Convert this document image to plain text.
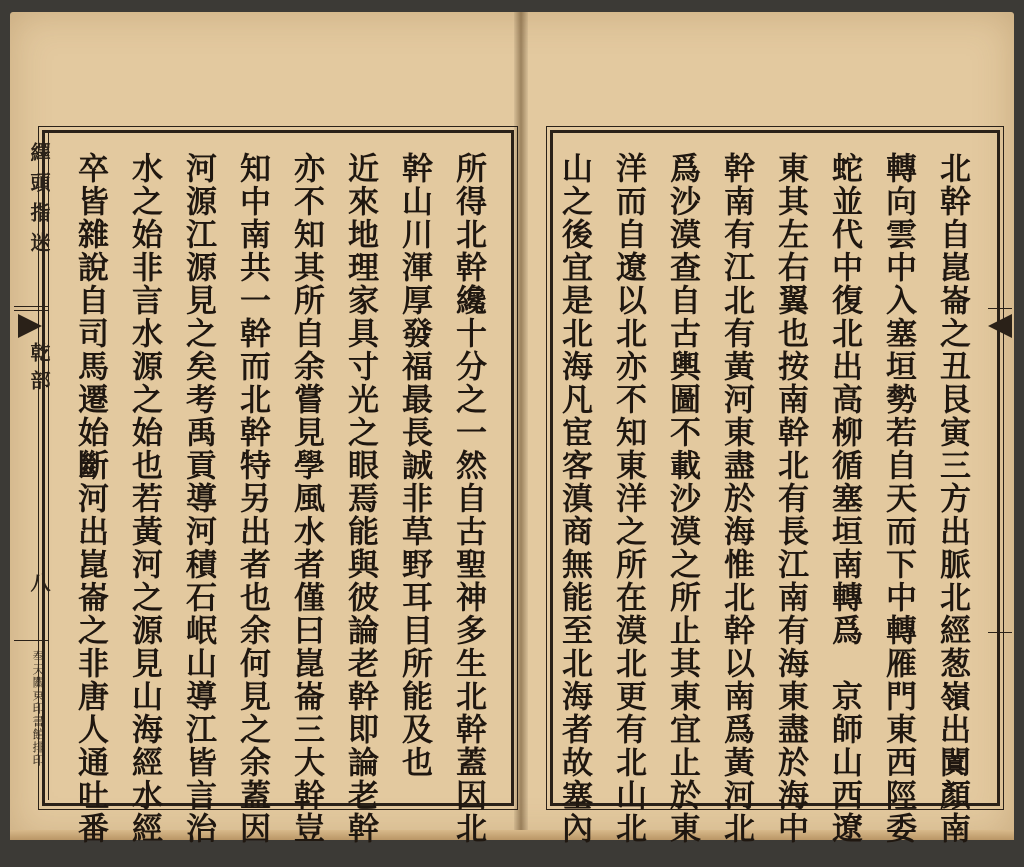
繹頭指迷
乾部
八
奉天關東印書館排印	所得北幹纔十分之一然自古聖神多生北幹蓋因北
幹山川渾厚發福最長誠非草野耳目所能及也
近來地理家具寸光之眼焉能與彼論老幹即論老幹
亦不知其所自余嘗見學風水者僅曰崑崙三大幹豈
知中南共一幹而北幹特另出者也余何見之余蓋因
河源江源見之矣考禹貢導河積石岷山導江皆言治
水之始非言水源之始也若黃河之源見山海經水經
卒皆雜說自司馬遷始斷河出崑崙之非唐人通吐番	北幹自崑崙之丑艮寅三方出脈北經葱嶺出闐顏南
轉向雲中入塞垣勢若自天而下中轉雁門東西陘委
蛇並代中復北出高柳循塞垣南轉爲　京師山西遼
東其左右翼也按南幹北有長江南有海東盡於海中
幹南有江北有黃河東盡於海惟北幹以南爲黃河北
爲沙漠查自古輿圖不載沙漠之所止其東宜止於東
洋而自遼以北亦不知東洋之所在漠北更有北山北
山之後宜是北海凡宦客滇商無能至北海者故塞內
